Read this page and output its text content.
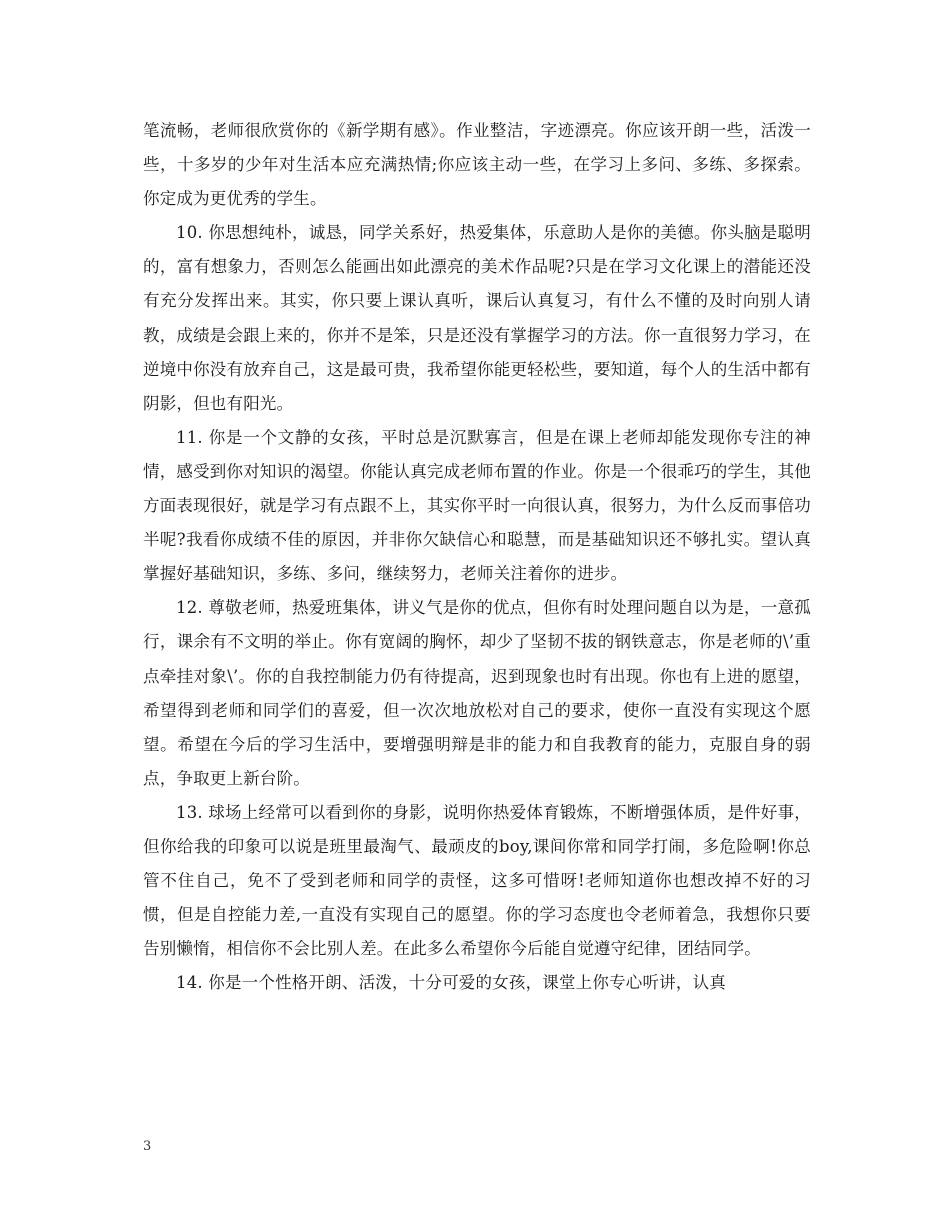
笔流畅，老师很欣赏你的《新学期有感》。作业整洁，字迹漂亮。你应该开朗一些，活泼一些，十多岁的少年对生活本应充满热情;你应该主动一些，在学习上多问、多练、多探索。你定成为更优秀的学生。

10. 你思想纯朴，诚恳，同学关系好，热爱集体，乐意助人是你的美德。你头脑是聪明的，富有想象力，否则怎么能画出如此漂亮的美术作品呢?只是在学习文化课上的潜能还没有充分发挥出来。其实，你只要上课认真听，课后认真复习，有什么不懂的及时向别人请教，成绩是会跟上来的，你并不是笨，只是还没有掌握学习的方法。你一直很努力学习，在逆境中你没有放弃自己，这是最可贵，我希望你能更轻松些，要知道，每个人的生活中都有阴影，但也有阳光。

11. 你是一个文静的女孩，平时总是沉默寡言，但是在课上老师却能发现你专注的神情，感受到你对知识的渴望。你能认真完成老师布置的作业。你是一个很乖巧的学生，其他方面表现很好，就是学习有点跟不上，其实你平时一向很认真，很努力，为什么反而事倍功半呢?我看你成绩不佳的原因，并非你欠缺信心和聪慧，而是基础知识还不够扎实。望认真掌握好基础知识，多练、多问，继续努力，老师关注着你的进步。

12. 尊敬老师，热爱班集体，讲义气是你的优点，但你有时处理问题自以为是，一意孤行，课余有不文明的举止。你有宽阔的胸怀，却少了坚韧不拔的钢铁意志，你是老师的\’重点牵挂对象\’。你的自我控制能力仍有待提高，迟到现象也时有出现。你也有上进的愿望，希望得到老师和同学们的喜爱，但一次次地放松对自己的要求，使你一直没有实现这个愿望。希望在今后的学习生活中，要增强明辩是非的能力和自我教育的能力，克服自身的弱点，争取更上新台阶。

13. 球场上经常可以看到你的身影，说明你热爱体育锻炼，不断增强体质，是件好事，但你给我的印象可以说是班里最淘气、最顽皮的boy,课间你常和同学打闹，多危险啊!你总管不住自己，免不了受到老师和同学的责怪，这多可惜呀!老师知道你也想改掉不好的习惯，但是自控能力差,一直没有实现自己的愿望。你的学习态度也令老师着急，我想你只要告别懒惰，相信你不会比别人差。在此多么希望你今后能自觉遵守纪律，团结同学。

14. 你是一个性格开朗、活泼，十分可爱的女孩，课堂上你专心听讲，认真

3
